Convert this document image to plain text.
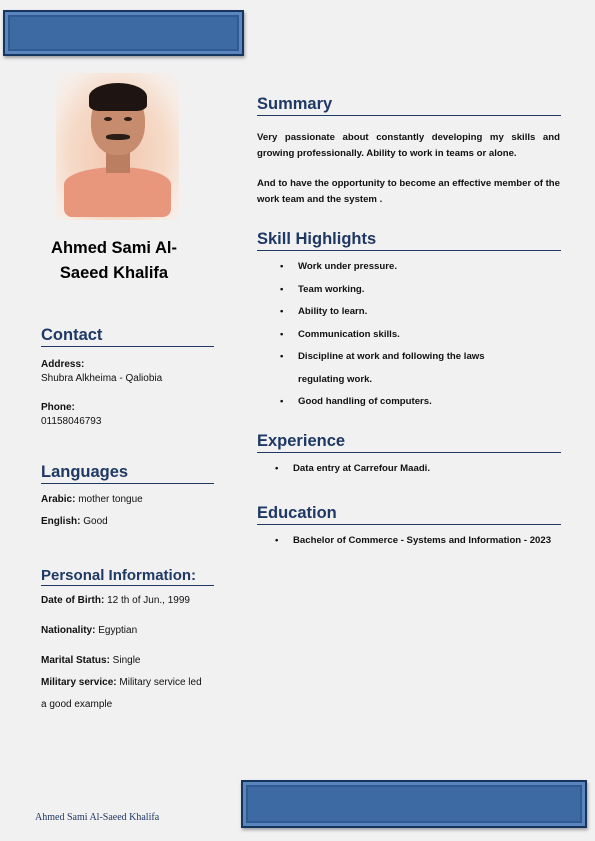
Ahmed Sami Al-
Saeed Khalifa
Contact
Address:
Shubra Alkheima - Qaliobia
Phone:
01158046793
Languages
Arabic: mother tongue
English: Good
Personal Information:
Date of Birth: 12 th of Jun., 1999
Nationality: Egyptian
Marital Status: Single
Military service: Military service led a good example
Summary
Very passionate about constantly developing my skills and growing professionally. Ability to work in teams or alone.
And to have the opportunity to become an effective member of the work team and the system .
Skill Highlights
• Work under pressure.
• Team working.
• Ability to learn.
• Communication skills.
• Discipline at work and following the laws regulating work.
• Good handling of computers.
Experience
• Data entry at Carrefour Maadi.
Education
• Bachelor of Commerce - Systems and Information - 2023
Ahmed Sami Al-Saeed Khalifa
